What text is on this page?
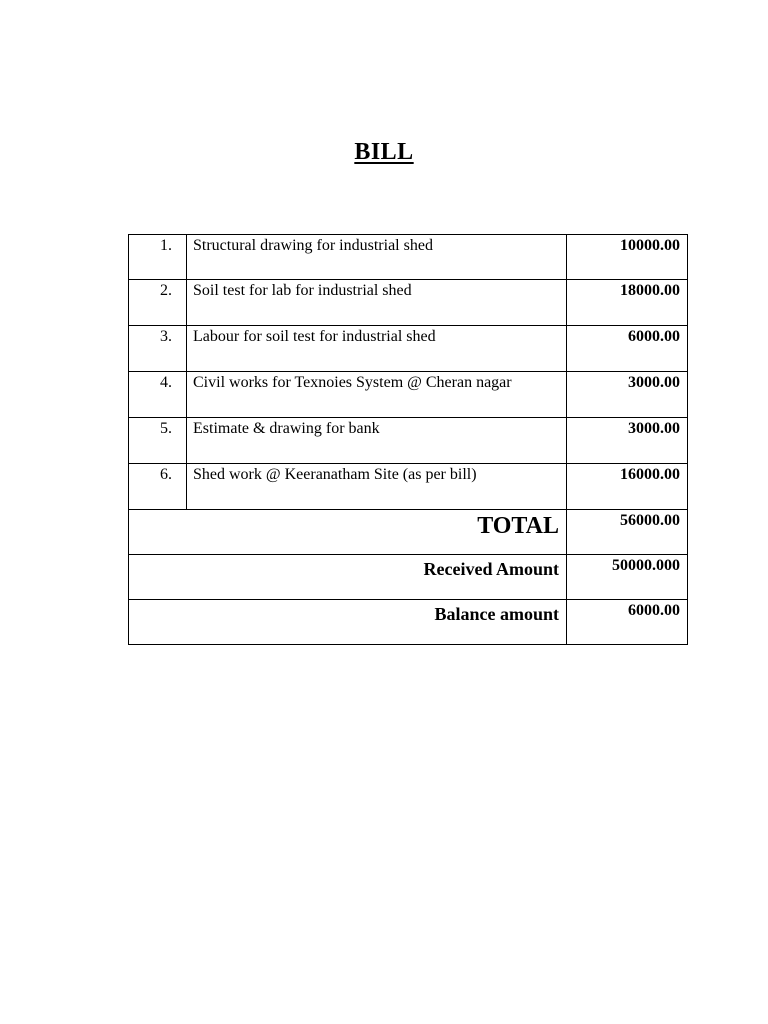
BILL
1.	Structural drawing for industrial shed	10000.00
2.	Soil test for lab for industrial shed	18000.00
3.	Labour for soil test for industrial shed	6000.00
4.	Civil works for Texnoies System @ Cheran nagar	3000.00
5.	Estimate & drawing for bank	3000.00
6.	Shed work @ Keeranatham Site (as per bill)	16000.00
TOTAL		56000.00
Received Amount		50000.000
Balance amount		6000.00
